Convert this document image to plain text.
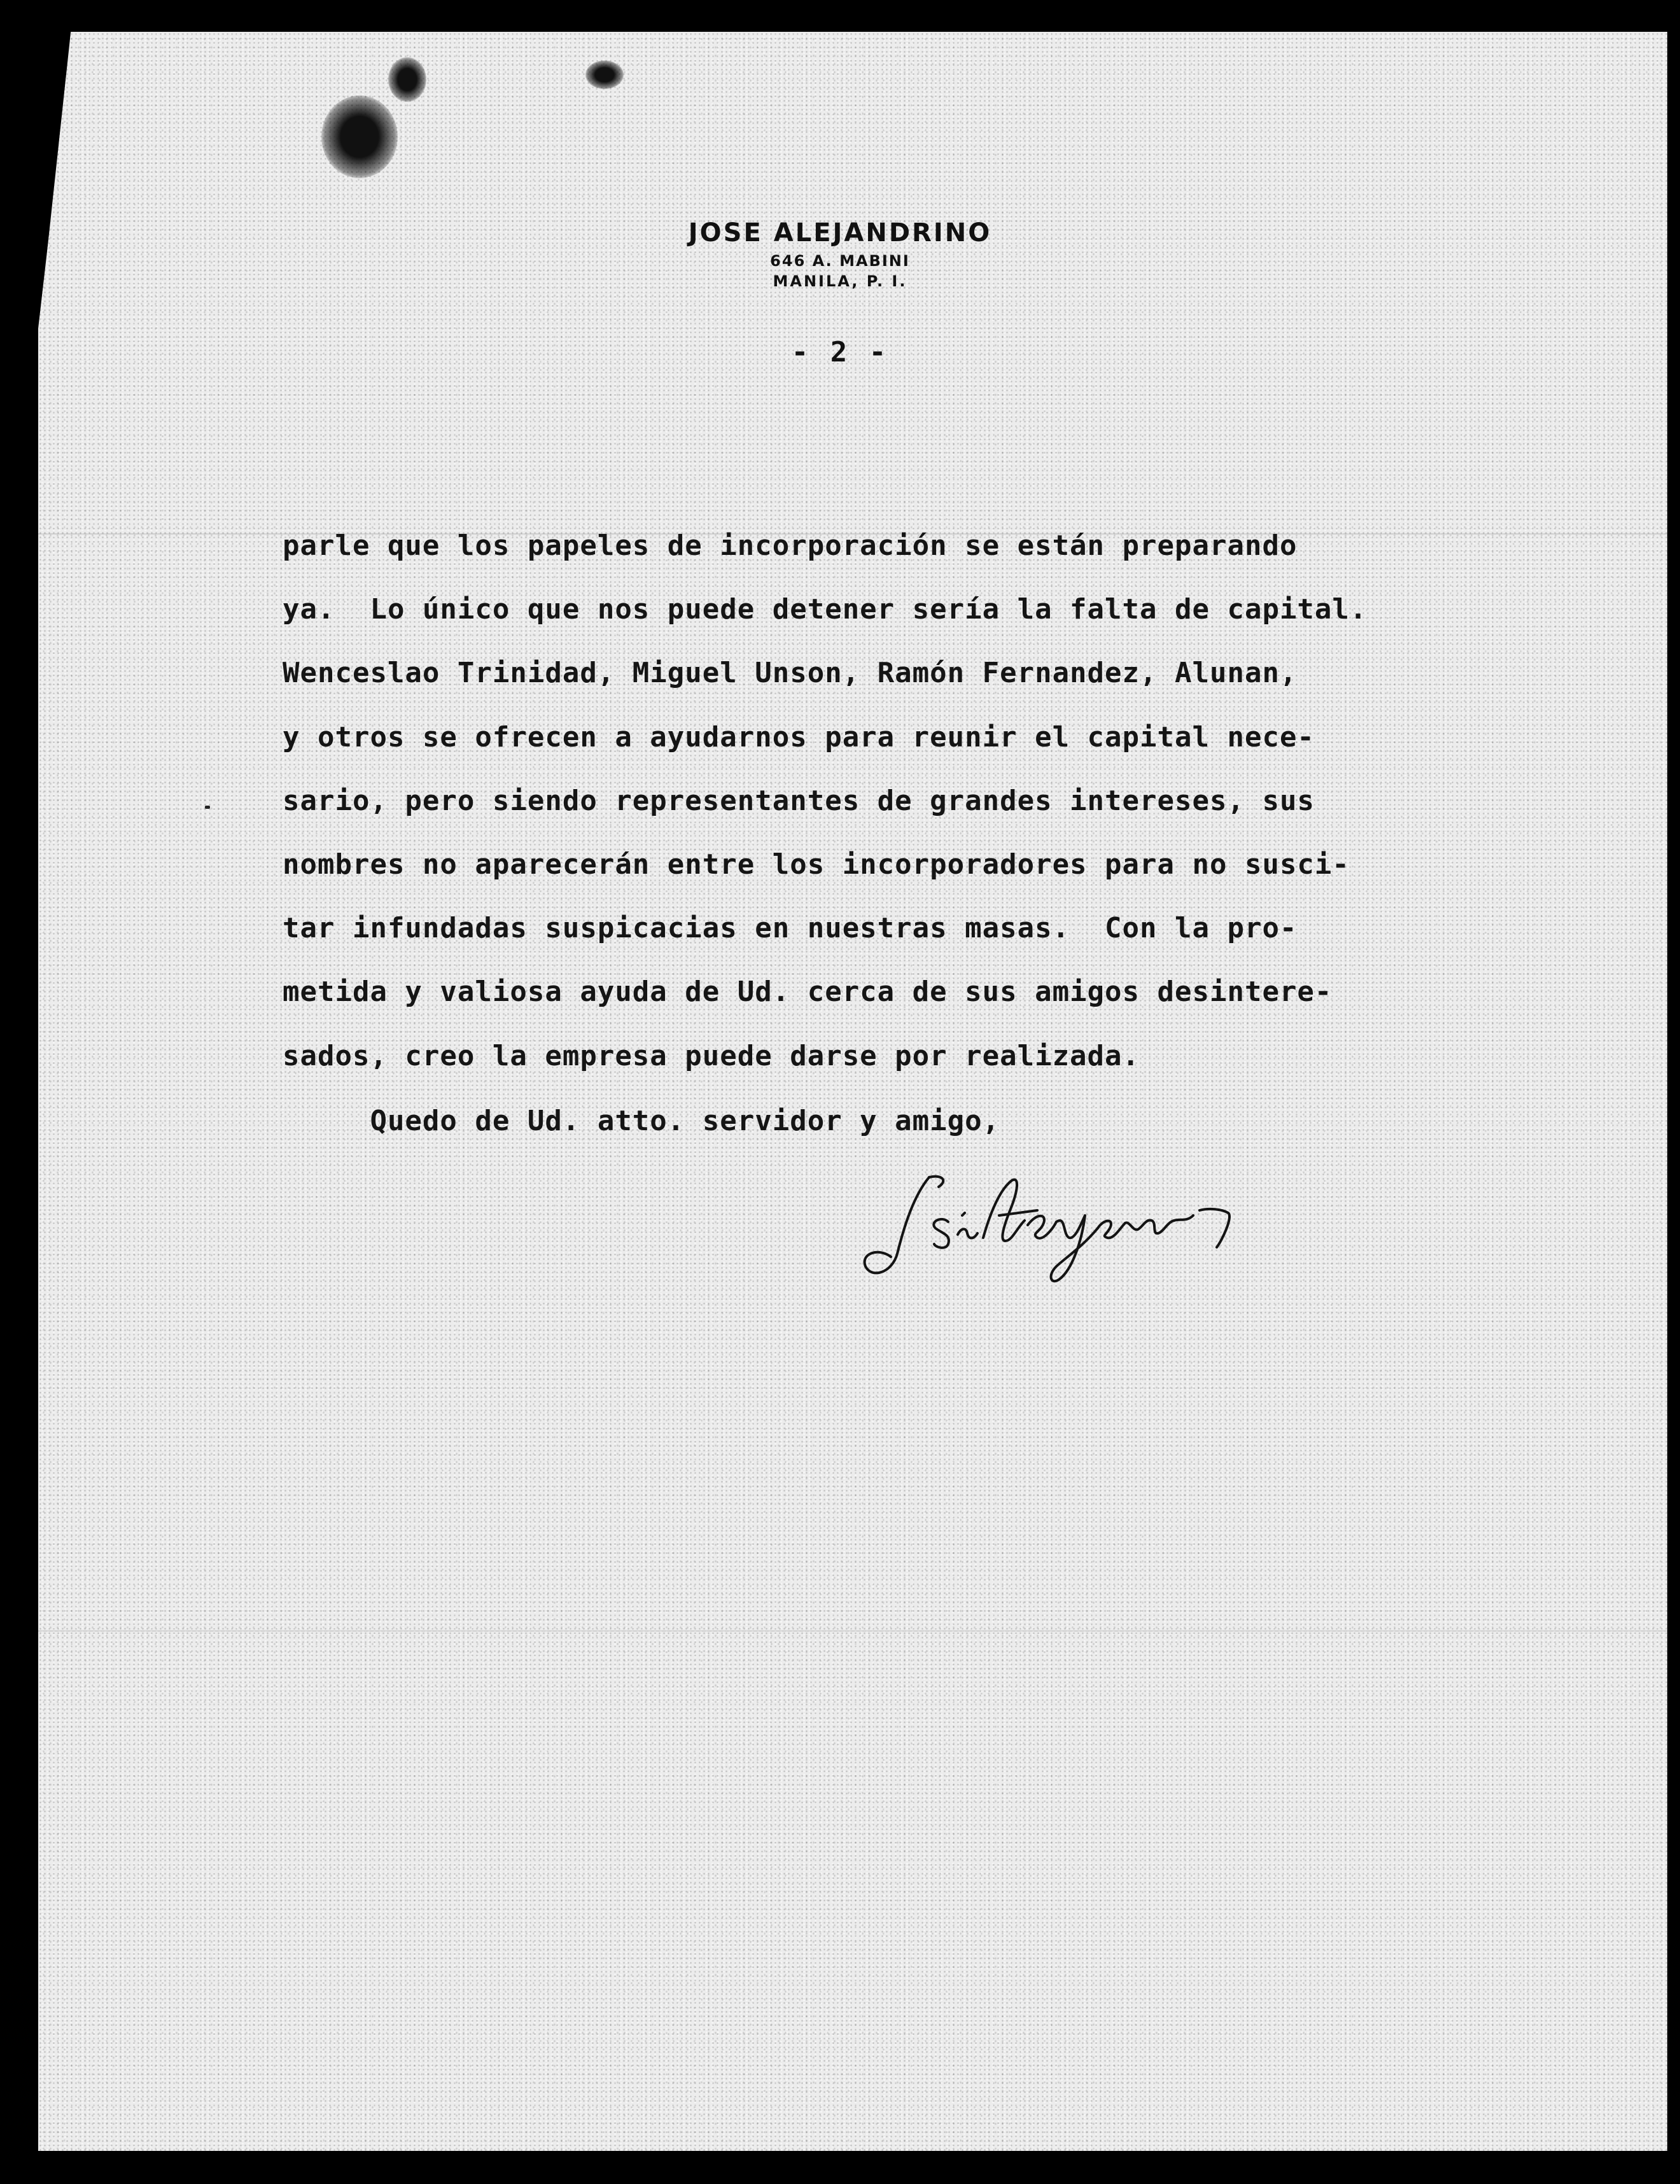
JOSE ALEJANDRINO
646 A. MABINI
MANILA, P. I.
- 2 -
parle que los papeles de incorporación se están preparando
ya.  Lo único que nos puede detener sería la falta de capital.
Wenceslao Trinidad, Miguel Unson, Ramón Fernandez, Alunan,
y otros se ofrecen a ayudarnos para reunir el capital nece-
sario, pero siendo representantes de grandes intereses, sus
nombres no aparecerán entre los incorporadores para no susci-
tar infundadas suspicacias en nuestras masas.  Con la pro-
metida y valiosa ayuda de Ud. cerca de sus amigos desintere-
sados, creo la empresa puede darse por realizada.
Quedo de Ud. atto. servidor y amigo,
